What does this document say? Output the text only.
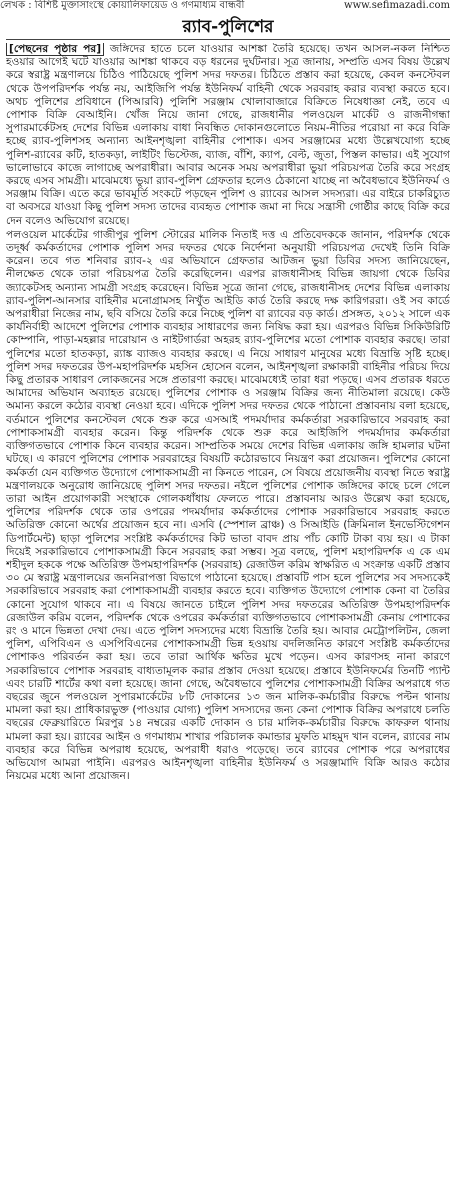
লেখক : বিশিষ্ট মুক্তাসাংস্থে কোয়ালিফায়েড ও গণমাধ্যম বান্ধবী	www.sefimazadi.com
র‍্যাব-পুলিশের

[পেছনের পৃষ্ঠার পর] জঙ্গিদের হাতে চলে যাওয়ার আশঙ্কা তৈরি হয়েছে। তখন আসল-নকল নিশ্চিত হওয়ার আগেই ঘটে যাওয়ার আশঙ্কা থাকবে বড় ধরনের দুর্ঘটনার। সূত্র জানায়, সম্প্রতি এসব বিষয় উল্লেখ করে স্বরাষ্ট্র মন্ত্রণালয়ে চিঠিও পাঠিয়েছে পুলিশ সদর দফতর। চিঠিতে প্রস্তাব করা হয়েছে, কেবল কনস্টেবল থেকে উপপরিদর্শক পর্যন্ত নয়, আইজিপি পর্যন্ত ইউনিফর্ম বাহিনী থেকে সরবরাহ করার ব্যবস্থা করতে হবে। অথচ পুলিশের প্রবিধানে (পিআরবি) পুলিশি সরঞ্জাম খোলাবাজারে বিক্রিতে নিষেধাজ্ঞা নেই, তবে এ পোশাক বিক্রি বেআইনি। খোঁজ নিয়ে জানা গেছে, রাজধানীর পলওয়েল মার্কেট ও রাজনীগন্ধা সুপারমার্কেটসহ দেশের বিভিন্ন এলাকায় বাধা নিবন্ধিত দোকানগুলোতে নিয়ম-নীতির পরোয়া না করে বিক্রি হচ্ছে র‍্যাব-পুলিশসহ অন্যান্য আইনশৃঙ্খলা বাহিনীর পোশাক। এসব সরঞ্জামের মধ্যে উল্লেখযোগ্য হচ্ছে পুলিশ-র‍্যাবের কটি, হাতকড়া, লাইটিং ভিস্টেজ, ব্যাজ, বাঁশি, ক্যাপ, বেল্ট, জুতা, পিস্তল কাভার। এই সুযোগ ভালোভাবে কাজে লাগাচ্ছে অপরাধীরা। আবার অনেক সময় অপরাধীরা ভুয়া পরিচয়পত্র তৈরি করে সংগ্রহ করছে এসব সামগ্রী। মাঝেমধ্যে ভুয়া র‍্যাব-পুলিশ গ্রেফতার হলেও ঠেকানো যাচ্ছে না অবৈধভাবে ইউনিফর্ম ও সরঞ্জাম বিক্রি। এতে করে ভাবমূর্তি সংকটে পড়ছেন পুলিশ ও র‍্যাবের আসল সদস্যরা। এর বাইরে চাকরিচ্যুত বা অবসরে যাওয়া কিছু পুলিশ সদস্য তাদের ব্যবহৃত পোশাক জমা না দিয়ে সন্ত্রাসী গোষ্ঠীর কাছে বিক্রি করে দেন বলেও অভিযোগ রয়েছে।

পলওয়েল মার্কেটের গাজীপুর পুলিশ স্টোরের মালিক নিতাই দত্ত এ প্রতিবেদককে জানান, পরিদর্শক থেকে তদূর্ধ্ব কর্মকর্তাদের পোশাক পুলিশ সদর দফতর থেকে নির্দেশনা অনুযায়ী পরিচয়পত্র দেখেই তিনি বিক্রি করেন। তবে গত শনিবার র‍্যাব-২ এর অভিযানে গ্রেফতার আটজন ভুয়া ডিবির সদস্য জানিয়েছেন, নীলক্ষেত থেকে তারা পরিচয়পত্র তৈরি করেছিলেন। এরপর রাজধানীসহ বিভিন্ন জায়গা থেকে ডিবির জ্যাকেটসহ অন্যান্য সামগ্রী সংগ্রহ করেছেন। বিভিন্ন সূত্রে জানা গেছে, রাজধানীসহ দেশের বিভিন্ন এলাকায় র‍্যাব-পুলিশ-আনসার বাহিনীর মনোগ্রামসহ নিখুঁত আইডি কার্ড তৈরি করছে দক্ষ কারিগররা। ওই সব কার্ডে অপরাধীরা নিজের নাম, ছবি বসিয়ে তৈরি করে নিচ্ছে পুলিশ বা র‍্যাবের বড় কার্ড। প্রসঙ্গত, ২০১২ সালে এক কার্যনির্বাহী আদেশে পুলিশের পোশাক ব্যবহার সাধারণের জন্য নিষিদ্ধ করা হয়। এরপরও বিভিন্ন সিকিউরিটি কোম্পানি, পাড়া-মহল্লার দারোয়ান ও নাইটগার্ডরা অহরহ র‍্যাব-পুলিশের মতো পোশাক ব্যবহার করছে। তারা পুলিশের মতো হাতকড়া, র‍্যাঙ্ক ব্যাজও ব্যবহার করছে। এ নিয়ে সাধারণ মানুষের মধ্যে বিভ্রান্তি সৃষ্টি হচ্ছে। পুলিশ সদর দফতরের উপ-মহাপরিদর্শক মহসিন হোসেন বলেন, আইনশৃঙ্খলা রক্ষাকারী বাহিনীর পরিচয় দিয়ে কিছু প্রতারক সাধারণ লোকজনের সঙ্গে প্রতারণা করছে। মাঝেমধ্যেই তারা ধরা পড়ছে। এসব প্রতারক ধরতে আমাদের অভিযান অব্যাহত রয়েছে। পুলিশের পোশাক ও সরঞ্জাম বিক্রির জন্য নীতিমালা রয়েছে। কেউ অমান্য করলে কঠোর ব্যবস্থা নেওয়া হবে। এদিকে পুলিশ সদর দফতর থেকে পাঠানো প্রস্তাবনায় বলা হয়েছে, বর্তমানে পুলিশের কনস্টেবল থেকে শুরু করে এসআই পদমর্যাদার কর্মকর্তারা সরকারিভাবে সরবরাহ করা পোশাকসামগ্রী ব্যবহার করেন। কিন্তু পরিদর্শক থেকে শুরু করে আইজিপি পদমর্যাদার কর্মকর্তারা ব্যক্তিগতভাবে পোশাক কিনে ব্যবহার করেন। সাম্প্রতিক সময়ে দেশের বিভিন্ন এলাকায় জঙ্গি হামলার ঘটনা ঘটছে। এ কারণে পুলিশের পোশাক সরবরাহের বিষয়টি কঠোরভাবে নিয়ন্ত্রণ করা প্রয়োজন। পুলিশের কোনো কর্মকর্তা যেন ব্যক্তিগত উদ্যোগে পোশাকসামগ্রী না কিনতে পারেন, সে বিষয়ে প্রয়োজনীয় ব্যবস্থা নিতে স্বরাষ্ট্র মন্ত্রণালয়কে অনুরোধ জানিয়েছে পুলিশ সদর দফতর। নইলে পুলিশের পোশাক জঙ্গিদের কাছে চলে গেলে তারা আইন প্রয়োগকারী সংস্থাকে গোলকধাঁধায় ফেলতে পারে। প্রস্তাবনায় আরও উল্লেখ করা হয়েছে, পুলিশের পরিদর্শক থেকে তার ওপরের পদমর্যাদার কর্মকর্তাদের পোশাক সরকারিভাবে সরবরাহ করতে অতিরিক্ত কোনো অর্থের প্রয়োজন হবে না। এসবি (স্পেশাল ব্রাঞ্চ) ও সিআইডি (ক্রিমিনাল ইনভেস্টিগেশন ডিপার্টমেন্ট) ছাড়া পুলিশের সংশ্লিষ্ট কর্মকর্তাদের কিট ভাতা বাবদ প্রায় পাঁচ কোটি টাকা ব্যয় হয়। এ টাকা দিয়েই সরকারিভাবে পোশাকসামগ্রী কিনে সরবরাহ করা সম্ভব। সূত্র বলছে, পুলিশ মহাপরিদর্শক এ কে এম শহীদুল হককে পক্ষে অতিরিক্ত উপমহাপরিদর্শক (সরবরাহ) রেজাউল করিম স্বাক্ষরিত এ সংক্রান্ত একটি প্রস্তাব ৩০ মে স্বরাষ্ট্র মন্ত্রণালয়ের জননিরাপত্তা বিভাগে পাঠানো হয়েছে। প্রস্তাবটি পাস হলে পুলিশের সব সদস্যকেই সরকারিভাবে সরবরাহ করা পোশাকসামগ্রী ব্যবহার করতে হবে। ব্যক্তিগত উদ্যোগে পোশাক কেনা বা তৈরির কোনো সুযোগ থাকবে না। এ বিষয়ে জানতে চাইলে পুলিশ সদর দফতরের অতিরিক্ত উপমহাপরিদর্শক রেজাউল করিম বলেন, পরিদর্শক থেকে ওপরের কর্মকর্তারা ব্যক্তিগতভাবে পোশাকসামগ্রী কেনায় পোশাকের রং ও মানে ভিন্নতা দেখা দেয়। এতে পুলিশ সদস্যদের মধ্যে বিভ্রান্তি তৈরি হয়। আবার মেট্রোপলিটন, জেলা পুলিশ, এপিবিএন ও এসপিবিএনের পোশাকসামগ্রী ভিন্ন হওয়ায় বদলিজনিত কারণে সংশ্লিষ্ট কর্মকর্তাদের পোশাকও পরিবর্তন করা হয়। তবে তারা আর্থিক ক্ষতির মুখে পড়েন। এসব কারণসহ নানা কারণে সরকারিভাবে পোশাক সরবরাহ বাধ্যতামূলক করার প্রস্তাব দেওয়া হয়েছে। প্রস্তাবে ইউনিফর্মের তিনটি প্যান্ট এবং চারটি শার্টের কথা বলা হয়েছে। জানা গেছে, অবৈধভাবে পুলিশের পোশাকসামগ্রী বিক্রির অপরাধে গত বছরের জুনে পলওয়েল সুপারমার্কেটের ৮টি দোকানের ১৩ জন মালিক-কর্মচারীর বিরুদ্ধে পল্টন থানায় মামলা করা হয়। প্রাধিকারভুক্ত (পাওয়ার যোগ্য) পুলিশ সদস্যদের জন্য কেনা পোশাক বিক্রির অপরাধে চলতি বছরের ফেব্রুয়ারিতে মিরপুর ১৪ নম্বরের একটি দোকান ও চার মালিক-কর্মচারীর বিরুদ্ধে কাফরুল থানায় মামলা করা হয়। র‍্যাবের আইন ও গণমাধ্যম শাখার পরিচালক কমান্ডার মুফতি মাহমুদ খান বলেন, র‍্যাবের নাম ব্যবহার করে বিভিন্ন অপরাধ হয়েছে, অপরাধী ধরাও পড়েছে। তবে র‍্যাবের পোশাক পরে অপরাধের অভিযোগ আমরা পাইনি। এরপরও আইনশৃঙ্খলা বাহিনীর ইউনিফর্ম ও সরঞ্জামাদি বিক্রি আরও কঠোর নিয়মের মধ্যে আনা প্রয়োজন।
